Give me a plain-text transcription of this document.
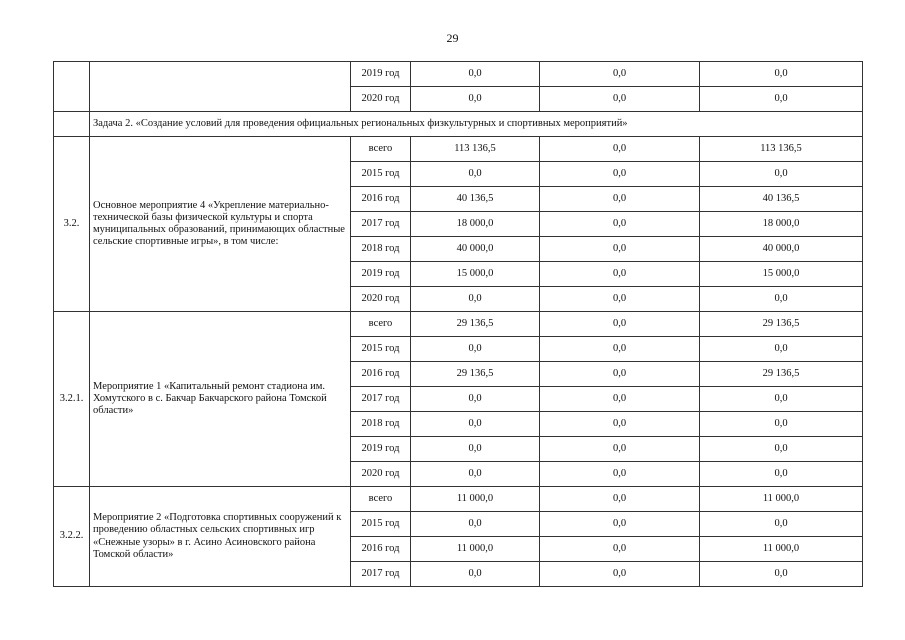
29
		2019 год	0,0	0,0	0,0
		2020 год	0,0	0,0	0,0
	Задача 2. «Создание условий для проведения официальных региональных физкультурных и спортивных мероприятий»				
3.2.	Основное мероприятие 4 «Укрепление материально-технической базы физической культуры и спорта муниципальных образований, принимающих областные сельские спортивные игры», в том числе:	всего	113 136,5	0,0	113 136,5
		2015 год	0,0	0,0	0,0
		2016 год	40 136,5	0,0	40 136,5
		2017 год	18 000,0	0,0	18 000,0
		2018 год	40 000,0	0,0	40 000,0
		2019 год	15 000,0	0,0	15 000,0
		2020 год	0,0	0,0	0,0
3.2.1.	Мероприятие 1 «Капитальный ремонт стадиона им. Хомутского в с. Бакчар Бакчарского района Томской области»	всего	29 136,5	0,0	29 136,5
		2015 год	0,0	0,0	0,0
		2016 год	29 136,5	0,0	29 136,5
		2017 год	0,0	0,0	0,0
		2018 год	0,0	0,0	0,0
		2019 год	0,0	0,0	0,0
		2020 год	0,0	0,0	0,0
3.2.2.	Мероприятие 2 «Подготовка спортивных сооружений к проведению областных сельских спортивных игр «Снежные узоры» в г. Асино Асиновского района Томской области»	всего	11 000,0	0,0	11 000,0
		2015 год	0,0	0,0	0,0
		2016 год	11 000,0	0,0	11 000,0
		2017 год	0,0	0,0	0,0
